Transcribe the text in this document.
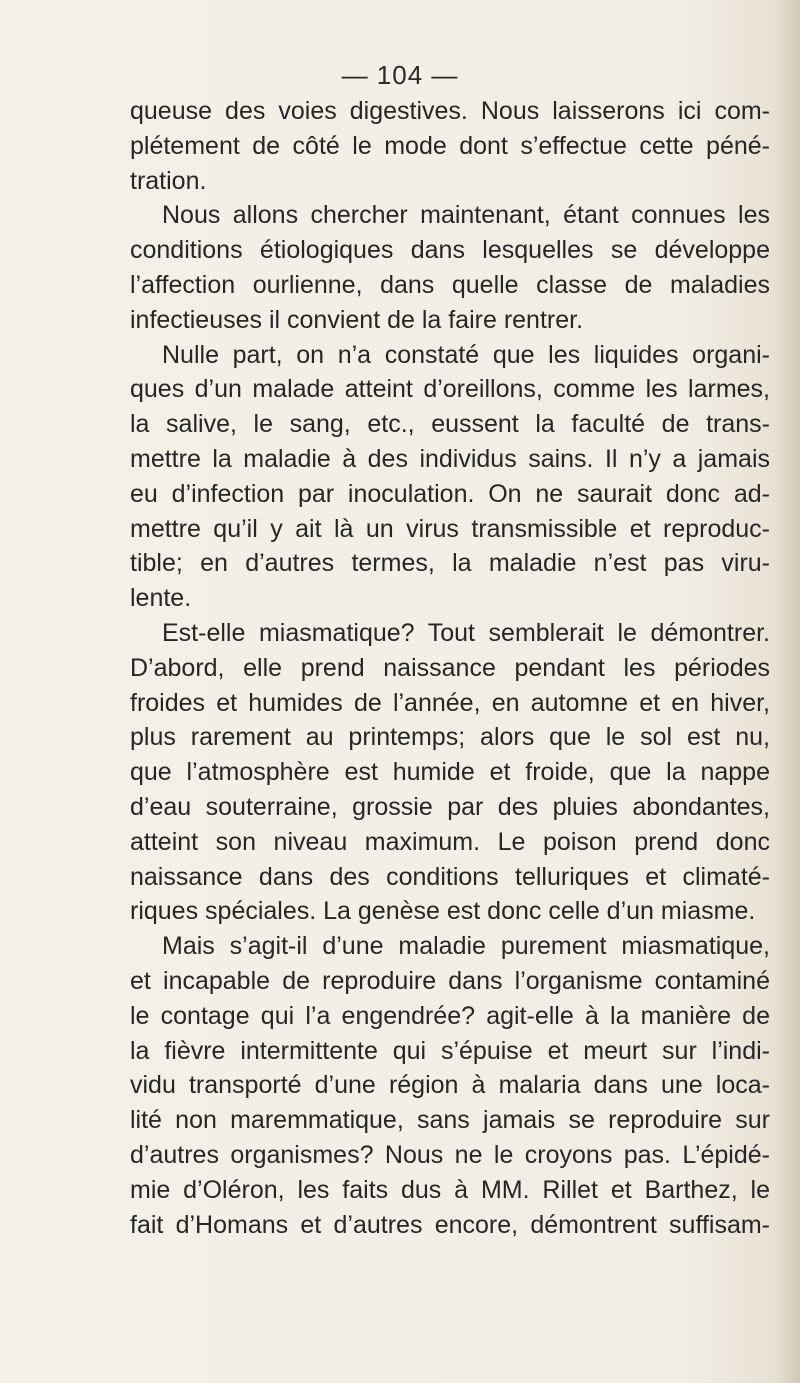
— 104 —
queuse des voies digestives. Nous laisserons ici com-
plétement de côté le mode dont s’effectue cette péné-
tration.
Nous allons chercher maintenant, étant connues les
conditions étiologiques dans lesquelles se développe
l’affection ourlienne, dans quelle classe de maladies
infectieuses il convient de la faire rentrer.
Nulle part, on n’a constaté que les liquides organi-
ques d’un malade atteint d’oreillons, comme les larmes,
la salive, le sang, etc., eussent la faculté de trans-
mettre la maladie à des individus sains. Il n’y a jamais
eu d’infection par inoculation. On ne saurait donc ad-
mettre qu’il y ait là un virus transmissible et reproduc-
tible; en d’autres termes, la maladie n’est pas viru-
lente.
Est-elle miasmatique? Tout semblerait le démontrer.
D’abord, elle prend naissance pendant les périodes
froides et humides de l’année, en automne et en hiver,
plus rarement au printemps; alors que le sol est nu,
que l’atmosphère est humide et froide, que la nappe
d’eau souterraine, grossie par des pluies abondantes,
atteint son niveau maximum. Le poison prend donc
naissance dans des conditions telluriques et climaté-
riques spéciales. La genèse est donc celle d’un miasme.
Mais s’agit-il d’une maladie purement miasmatique,
et incapable de reproduire dans l’organisme contaminé
le contage qui l’a engendrée? agit-elle à la manière de
la fièvre intermittente qui s’épuise et meurt sur l’indi-
vidu transporté d’une région à malaria dans une loca-
lité non maremmatique, sans jamais se reproduire sur
d’autres organismes? Nous ne le croyons pas. L’épidé-
mie d’Oléron, les faits dus à MM. Rillet et Barthez, le
fait d’Homans et d’autres encore, démontrent suffisam-
